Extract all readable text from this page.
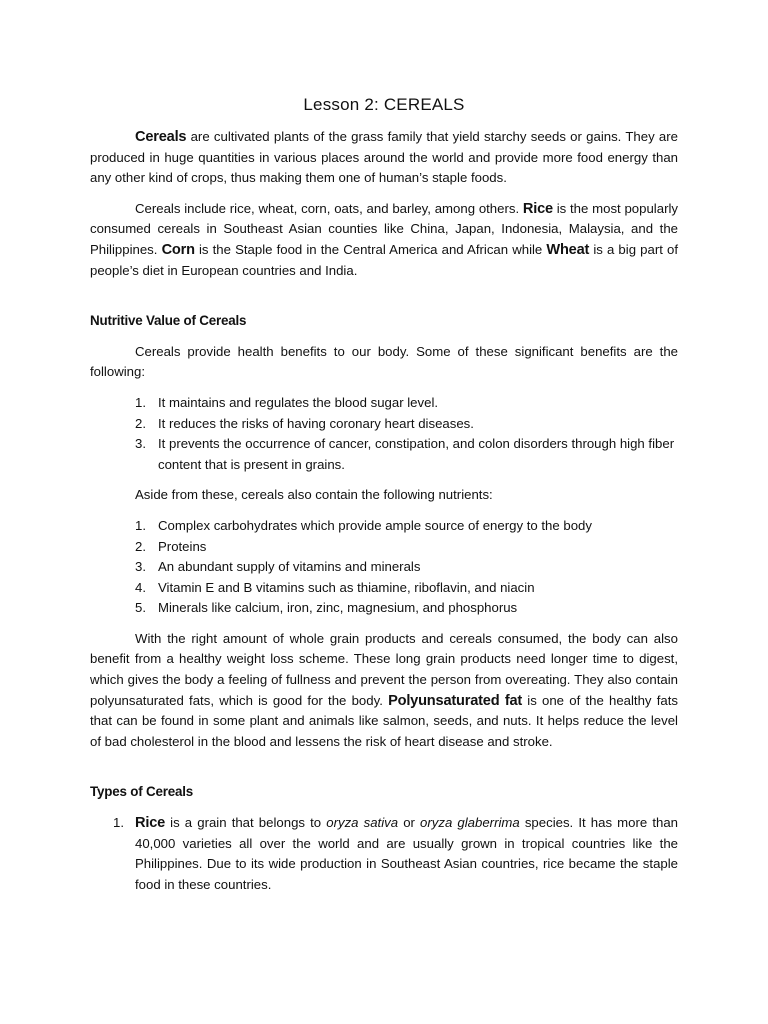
Lesson 2: CEREALS

Cereals are cultivated plants of the grass family that yield starchy seeds or gains. They are produced in huge quantities in various places around the world and provide more food energy than any other kind of crops, thus making them one of human’s staple foods.

Cereals include rice, wheat, corn, oats, and barley, among others. Rice is the most popularly consumed cereals in Southeast Asian counties like China, Japan, Indonesia, Malaysia, and the Philippines. Corn is the Staple food in the Central America and African while Wheat is a big part of people’s diet in European countries and India.

Nutritive Value of Cereals

Cereals provide health benefits to our body. Some of these significant benefits are the following:

1. It maintains and regulates the blood sugar level.
2. It reduces the risks of having coronary heart diseases.
3. It prevents the occurrence of cancer, constipation, and colon disorders through high fiber content that is present in grains.

Aside from these, cereals also contain the following nutrients:

1. Complex carbohydrates which provide ample source of energy to the body
2. Proteins
3. An abundant supply of vitamins and minerals
4. Vitamin E and B vitamins such as thiamine, riboflavin, and niacin
5. Minerals like calcium, iron, zinc, magnesium, and phosphorus

With the right amount of whole grain products and cereals consumed, the body can also benefit from a healthy weight loss scheme. These long grain products need longer time to digest, which gives the body a feeling of fullness and prevent the person from overeating. They also contain polyunsaturated fats, which is good for the body. Polyunsaturated fat is one of the healthy fats that can be found in some plant and animals like salmon, seeds, and nuts. It helps reduce the level of bad cholesterol in the blood and lessens the risk of heart disease and stroke.

Types of Cereals
1. Rice is a grain that belongs to oryza sativa or oryza glaberrima species. It has more than 40,000 varieties all over the world and are usually grown in tropical countries like the Philippines. Due to its wide production in Southeast Asian countries, rice became the staple food in these countries.
